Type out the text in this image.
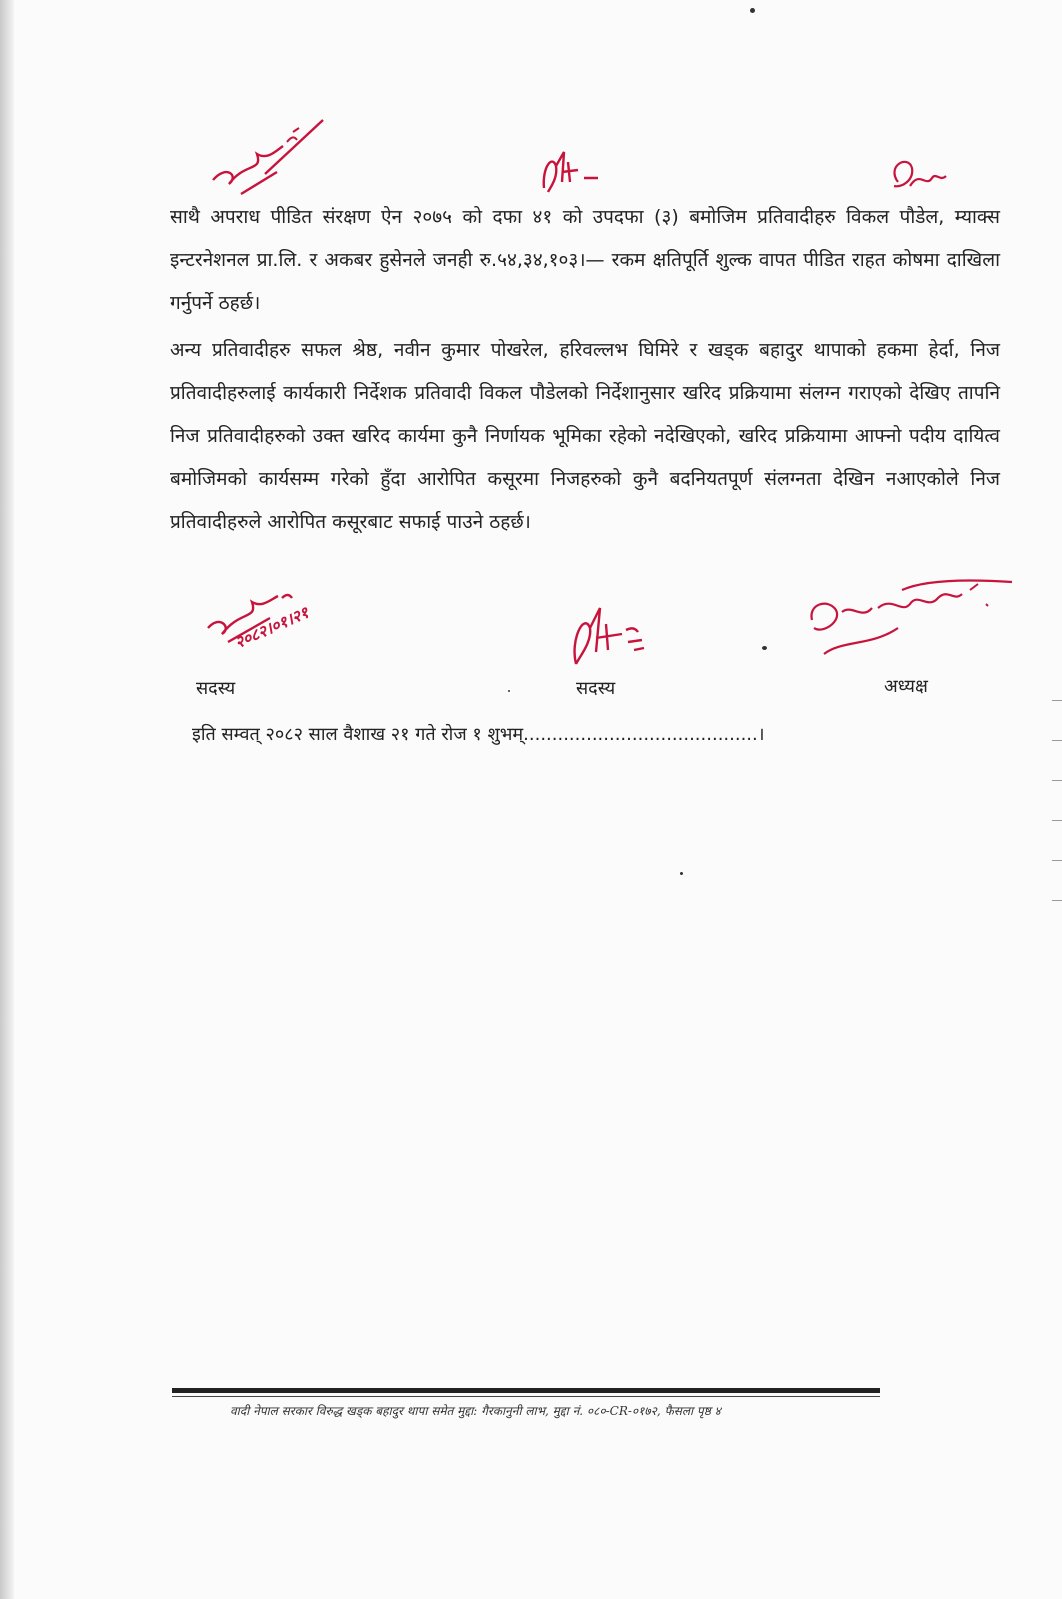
साथै अपराध पीडित संरक्षण ऐन २०७५ को दफा ४१ को उपदफा (३) बमोजिम प्रतिवादीहरु विकल पौडेल, म्याक्स इन्टरनेशनल प्रा.लि. र अकबर हुसेनले जनही रु.५४,३४,१०३।— रकम क्षतिपूर्ति शुल्क वापत पीडित राहत कोषमा दाखिला गर्नुपर्ने ठहर्छ।

अन्य प्रतिवादीहरु सफल श्रेष्ठ, नवीन कुमार पोखरेल, हरिवल्लभ घिमिरे र खड्क बहादुर थापाको हकमा हेर्दा, निज प्रतिवादीहरुलाई कार्यकारी निर्देशक प्रतिवादी विकल पौडेलको निर्देशानुसार खरिद प्रक्रियामा संलग्न गराएको देखिए तापनि निज प्रतिवादीहरुको उक्त खरिद कार्यमा कुनै निर्णायक भूमिका रहेको नदेखिएको, खरिद प्रक्रियामा आफ्नो पदीय दायित्व बमोजिमको कार्यसम्म गरेको हुँदा आरोपित कसूरमा निजहरुको कुनै बदनियतपूर्ण संलग्नता देखिन नआएकोले निज प्रतिवादीहरुले आरोपित कसूरबाट सफाई पाउने ठहर्छ।

२०८२।०१।२१
सदस्य	सदस्य	अध्यक्ष

इति सम्वत् २०८२ साल वैशाख २१ गते रोज १ शुभम्.........................................।

वादी नेपाल सरकार विरुद्ध खड्क बहादुर थापा समेत मुद्दा: गैरकानुनी लाभ, मुद्दा नं. ०८०-CR-०१७२, फैसला पृष्ठ ४
